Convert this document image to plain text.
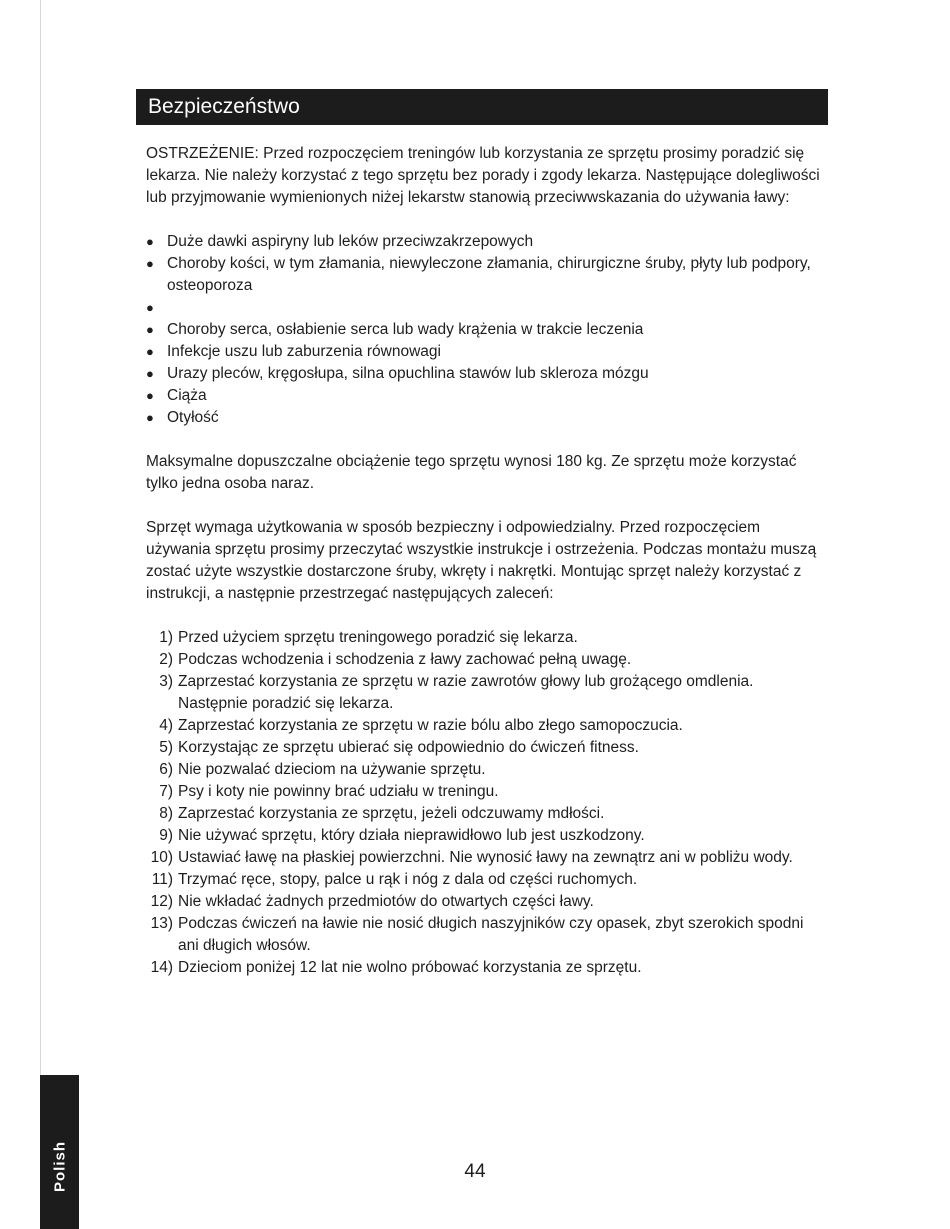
Bezpieczeństwo

OSTRZEŻENIE: Przed rozpoczęciem treningów lub korzystania ze sprzętu prosimy poradzić się lekarza. Nie należy korzystać z tego sprzętu bez porady i zgody lekarza. Następujące dolegliwości lub przyjmowanie wymienionych niżej lekarstw stanowią przeciwwskazania do używania ławy:

● Duże dawki aspiryny lub leków przeciwzakrzepowych
● Choroby kości, w tym złamania, niewyleczone złamania, chirurgiczne śruby, płyty lub podpory, osteoporoza
●
● Choroby serca, osłabienie serca lub wady krążenia w trakcie leczenia
● Infekcje uszu lub zaburzenia równowagi
● Urazy pleców, kręgosłupa, silna opuchlina stawów lub skleroza mózgu
● Ciąża
● Otyłość

Maksymalne dopuszczalne obciążenie tego sprzętu wynosi 180 kg. Ze sprzętu może korzystać tylko jedna osoba naraz.

Sprzęt wymaga użytkowania w sposób bezpieczny i odpowiedzialny. Przed rozpoczęciem używania sprzętu prosimy przeczytać wszystkie instrukcje i ostrzeżenia. Podczas montażu muszą zostać użyte wszystkie dostarczone śruby, wkręty i nakrętki. Montując sprzęt należy korzystać z instrukcji, a następnie przestrzegać następujących zaleceń:

1) Przed użyciem sprzętu treningowego poradzić się lekarza.
2) Podczas wchodzenia i schodzenia z ławy zachować pełną uwagę.
3) Zaprzestać korzystania ze sprzętu w razie zawrotów głowy lub grożącego omdlenia. Następnie poradzić się lekarza.
4) Zaprzestać korzystania ze sprzętu w razie bólu albo złego samopoczucia.
5) Korzystając ze sprzętu ubierać się odpowiednio do ćwiczeń fitness.
6) Nie pozwalać dzieciom na używanie sprzętu.
7) Psy i koty nie powinny brać udziału w treningu.
8) Zaprzestać korzystania ze sprzętu, jeżeli odczuwamy mdłości.
9) Nie używać sprzętu, który działa nieprawidłowo lub jest uszkodzony.
10) Ustawiać ławę na płaskiej powierzchni. Nie wynosić ławy na zewnątrz ani w pobliżu wody.
11) Trzymać ręce, stopy, palce u rąk i nóg z dala od części ruchomych.
12) Nie wkładać żadnych przedmiotów do otwartych części ławy.
13) Podczas ćwiczeń na ławie nie nosić długich naszyjników czy opasek, zbyt szerokich spodni ani długich włosów.
14) Dzieciom poniżej 12 lat nie wolno próbować korzystania ze sprzętu.
Polish	44
